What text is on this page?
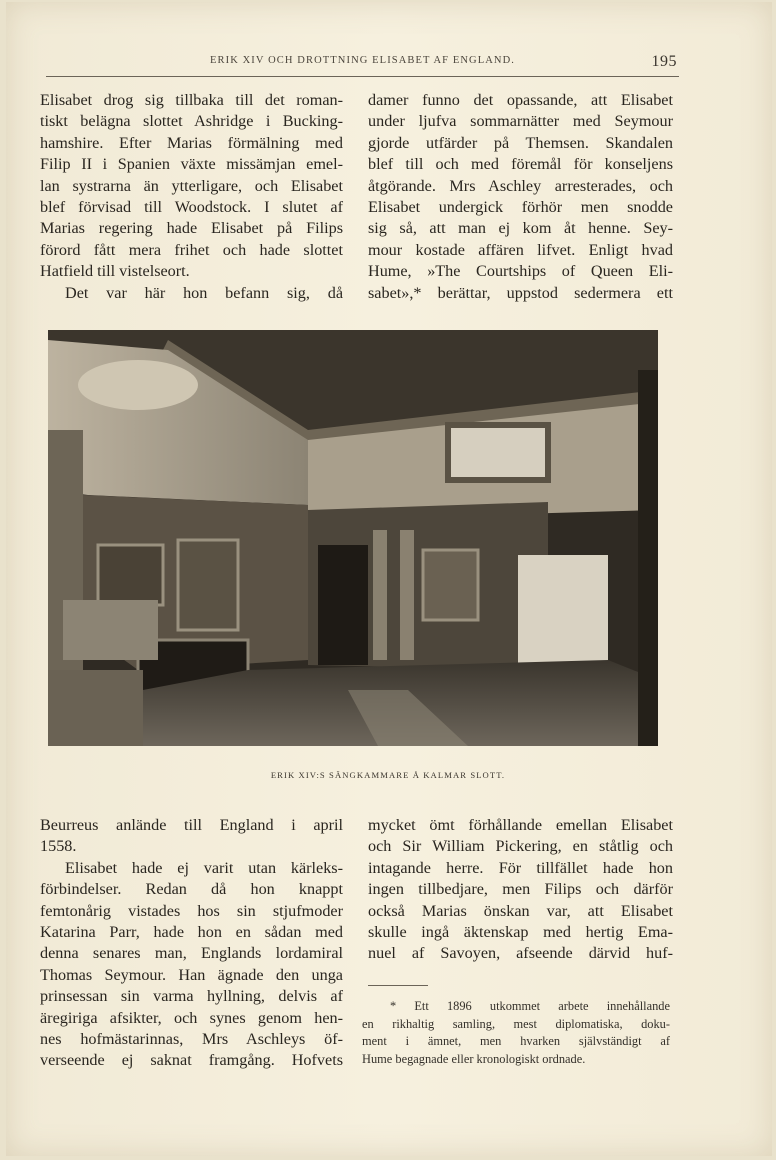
ERIK XIV OCH DROTTNING ELISABET AF ENGLAND.	195
Elisabet drog sig tillbaka till det roman-
tiskt belägna slottet Ashridge i Bucking-
hamshire. Efter Marias förmälning med
Filip II i Spanien växte missämjan emel-
lan systrarna än ytterligare, och Elisabet
blef förvisad till Woodstock. I slutet af
Marias regering hade Elisabet på Filips
förord fått mera frihet och hade slottet
Hatfield till vistelseort.
Det var här hon befann sig, då
damer funno det opassande, att Elisabet
under ljufva sommarnätter med Seymour
gjorde utfärder på Themsen. Skandalen
blef till och med föremål för konseljens
åtgörande. Mrs Aschley arresterades, och
Elisabet undergick förhör men snodde
sig så, att man ej kom åt henne. Sey-
mour kostade affären lifvet. Enligt hvad
Hume, »The Courtships of Queen Eli-
sabet»,* berättar, uppstod sedermera ett
ERIK XIV:S SÄNGKAMMARE Å KALMAR SLOTT.
Beurreus anlände till England i april
1558.
Elisabet hade ej varit utan kärleks-
förbindelser. Redan då hon knappt
femtonårig vistades hos sin stjufmoder
Katarina Parr, hade hon en sådan med
denna senares man, Englands lordamiral
Thomas Seymour. Han ägnade den unga
prinsessan sin varma hyllning, delvis af
äregiriga afsikter, och synes genom hen-
nes hofmästarinnas, Mrs Aschleys öf-
verseende ej saknat framgång. Hofvets
mycket ömt förhållande emellan Elisabet
och Sir William Pickering, en ståtlig och
intagande herre. För tillfället hade hon
ingen tillbedjare, men Filips och därför
också Marias önskan var, att Elisabet
skulle ingå äktenskap med hertig Ema-
nuel af Savoyen, afseende därvid huf-
* Ett 1896 utkommet arbete innehållande
en rikhaltig samling, mest diplomatiska, doku-
ment i ämnet, men hvarken självständigt af
Hume begagnade eller kronologiskt ordnade.
